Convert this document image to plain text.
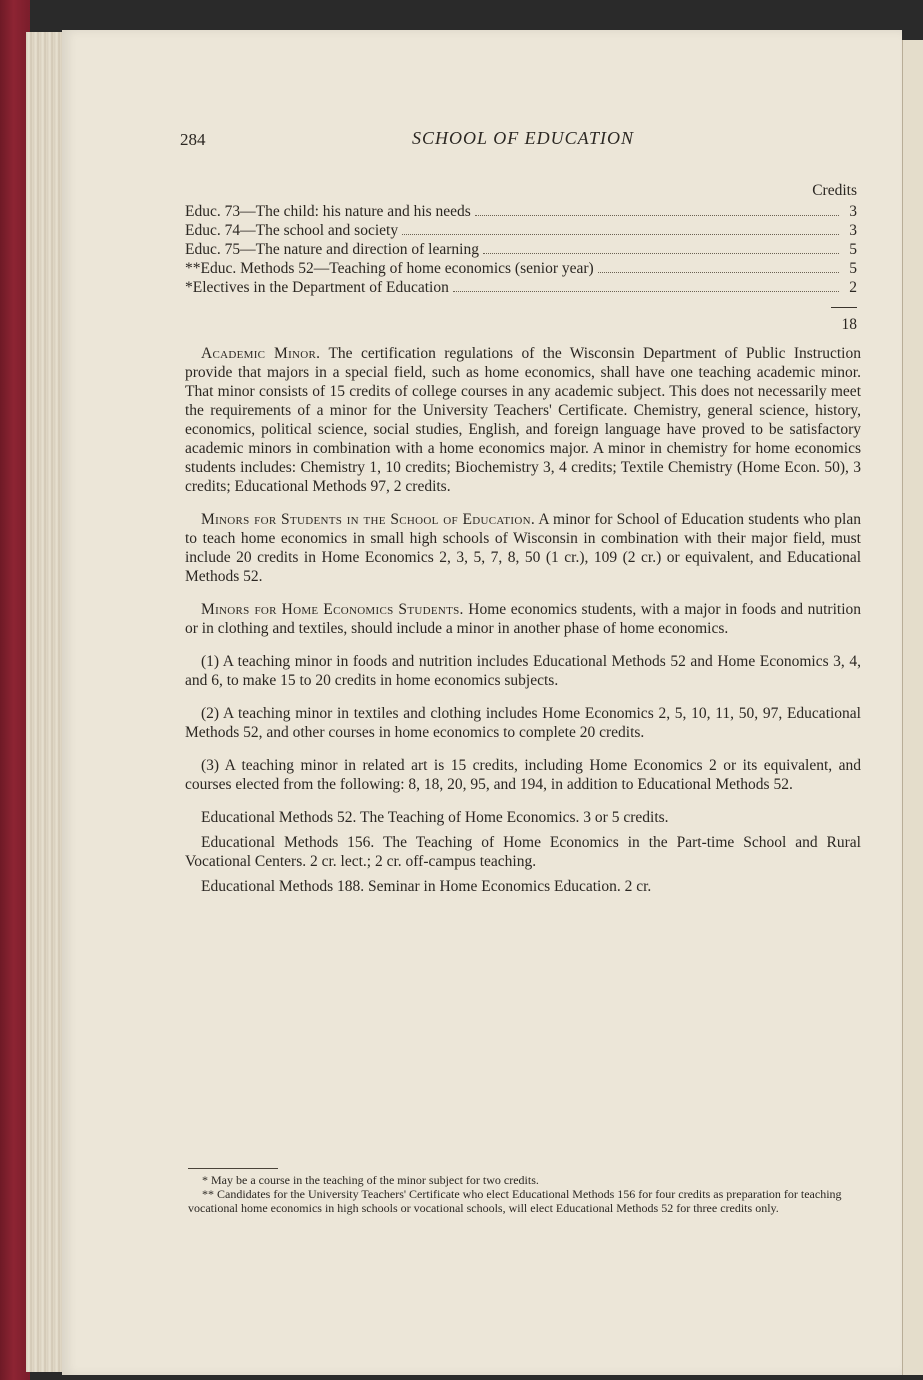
284	SCHOOL OF EDUCATION
Credits
Educ. 73—The child: his nature and his needs	3
Educ. 74—The school and society	3
Educ. 75—The nature and direction of learning	5
**Educ. Methods 52—Teaching of home economics (senior year)	5
*Electives in the Department of Education	2
18

Academic Minor. The certification regulations of the Wisconsin Department of Public Instruction provide that majors in a special field, such as home economics, shall have one teaching academic minor. That minor consists of 15 credits of college courses in any academic subject. This does not necessarily meet the requirements of a minor for the University Teachers' Certificate. Chemistry, general science, history, economics, political science, social studies, English, and foreign language have proved to be satisfactory academic minors in combination with a home economics major. A minor in chemistry for home economics students includes: Chemistry 1, 10 credits; Biochemistry 3, 4 credits; Textile Chemistry (Home Econ. 50), 3 credits; Educational Methods 97, 2 credits.

Minors for Students in the School of Education. A minor for School of Education students who plan to teach home economics in small high schools of Wisconsin in combination with their major field, must include 20 credits in Home Economics 2, 3, 5, 7, 8, 50 (1 cr.), 109 (2 cr.) or equivalent, and Educational Methods 52.

Minors for Home Economics Students. Home economics students, with a major in foods and nutrition or in clothing and textiles, should include a minor in another phase of home economics.

(1) A teaching minor in foods and nutrition includes Educational Methods 52 and Home Economics 3, 4, and 6, to make 15 to 20 credits in home economics subjects.

(2) A teaching minor in textiles and clothing includes Home Economics 2, 5, 10, 11, 50, 97, Educational Methods 52, and other courses in home economics to complete 20 credits.

(3) A teaching minor in related art is 15 credits, including Home Economics 2 or its equivalent, and courses elected from the following: 8, 18, 20, 95, and 194, in addition to Educational Methods 52.

Educational Methods 52. The Teaching of Home Economics. 3 or 5 credits.

Educational Methods 156. The Teaching of Home Economics in the Part-time School and Rural Vocational Centers. 2 cr. lect.; 2 cr. off-campus teaching.

Educational Methods 188. Seminar in Home Economics Education. 2 cr.

* May be a course in the teaching of the minor subject for two credits.

** Candidates for the University Teachers' Certificate who elect Educational Methods 156 for four credits as preparation for teaching vocational home economics in high schools or vocational schools, will elect Educational Methods 52 for three credits only.
